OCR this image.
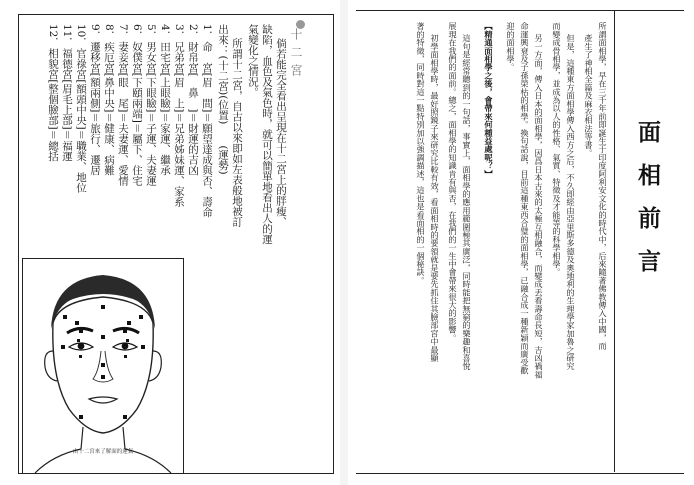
十二宮
倘若能完全看出呈現在十二宮上的胖瘦、
缺陷，血色及氣色時，就可以簡單地看出人的運
氣變化之情況。
所謂十二宮，自古以來即如左表般地被訂
出來：(十二宮)(位置)　　(運勢)
1．命　宮[眉　間]＝願望達成與否、壽命
2．財帛宮[　鼻　]＝財運的吉凶
3．兄弟宮[眉　上]＝兄弟姊妹運、家系
4．田宅宮[上眼瞼]＝家運、繼承
5．男女宮[下眼瞼]＝子運、夫妻運
6．奴僕宮[下頤兩端]＝屬下、住宅
7．妻妾宮[眼　尾]＝夫妻運、愛情
8．疾厄宮[鼻中央]＝健康、病難
9．遷移宮[額兩側]＝旅行、遷居
10．官祿宮[額頭中央]＝職業、地位
11．福德宮[眉毛上部]＝福運
12．相貌宮[整個臉部]＝總括
由十二宮來了解面的運氣
面相前言
所謂面相學，早在三千年前即誕生于印度阿利安文化的時代中，后來隨著佛教傳入中國，而
產生了神相全篇及麻衣相法等書。
但是，這種東方面相學傳入西方之后，不久即經由亞里斯多德及奧地利的生理學家加魯之研究
而變成骨相學，並成為以人的性格、氣質、特徵及才能等的科學相學。
另一方面，傳入日本的面相學，因爲日本古來的太極互相融合，而變成丢看壽命長短，吉凶禍福
命運興衰及子孫榮枯的相學。換句話說，目前這種東西合璧的面相學，已融合成一種新穎而廣受歡
迎的面相學。
【精通面相學之後，會帶來何種益處呢？】
這句是經常聽到的一句話，事實上，面相學的應用範圍極其廣泛，同時能把無窮的樂趣和喜悅
展現在我們的面前。總之，面相學的知識肯有與否，在我們的一生中會帶來很大的影響。
初學面相學時，最好照鏡子來研究比較有效，看面相時的要領就是要先抓住其臉部宮中最顯
著的特徵，同時對這一點特別加以強調描述，這也是看面相的一個秘訣。
